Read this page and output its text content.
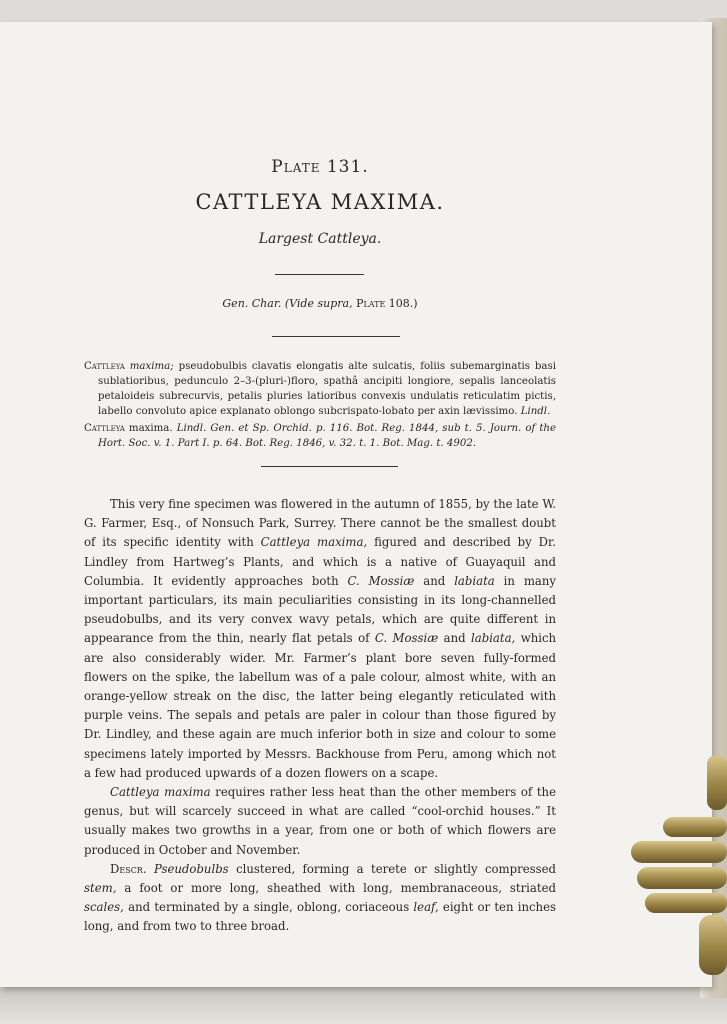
Plate 131.
CATTLEYA MAXIMA.
Largest Cattleya.
Gen. Char. (Vide supra, Plate 108.)

Cattleya maxima; pseudobulbis clavatis elongatis alte sulcatis, foliis subemarginatis basi sublatioribus, pedunculo 2–3-(pluri-)floro, spathâ ancipiti longiore, sepalis lanceolatis petaloideis subrecurvis, petalis pluries latioribus convexis undulatis reticulatim pictis, labello convoluto apice explanato oblongo subcrispato-lobato per axin lævissimo. Lindl.

Cattleya maxima. Lindl. Gen. et Sp. Orchid. p. 116. Bot. Reg. 1844, sub t. 5. Journ. of the Hort. Soc. v. 1. Part I. p. 64. Bot. Reg. 1846, v. 32. t. 1. Bot. Mag. t. 4902.

This very fine specimen was flowered in the autumn of 1855, by the late W. G. Farmer, Esq., of Nonsuch Park, Surrey. There cannot be the smallest doubt of its specific identity with Cattleya maxima, figured and described by Dr. Lindley from Hartweg’s Plants, and which is a native of Guayaquil and Columbia. It evidently approaches both C. Mossiæ and labiata in many important particulars, its main peculiarities consisting in its long-channelled pseudobulbs, and its very convex wavy petals, which are quite different in appearance from the thin, nearly flat petals of C. Mossiæ and labiata, which are also considerably wider. Mr. Farmer’s plant bore seven fully-formed flowers on the spike, the labellum was of a pale colour, almost white, with an orange-yellow streak on the disc, the latter being elegantly reticulated with purple veins. The sepals and petals are paler in colour than those figured by Dr. Lindley, and these again are much inferior both in size and colour to some specimens lately imported by Messrs. Backhouse from Peru, among which not a few had produced upwards of a dozen flowers on a scape.

Cattleya maxima requires rather less heat than the other members of the genus, but will scarcely succeed in what are called “cool-orchid houses.” It usually makes two growths in a year, from one or both of which flowers are produced in October and November.

Descr. Pseudobulbs clustered, forming a terete or slightly compressed stem, a foot or more long, sheathed with long, membranaceous, striated scales, and terminated by a single, oblong, coriaceous leaf, eight or ten inches long, and from two to three broad.
